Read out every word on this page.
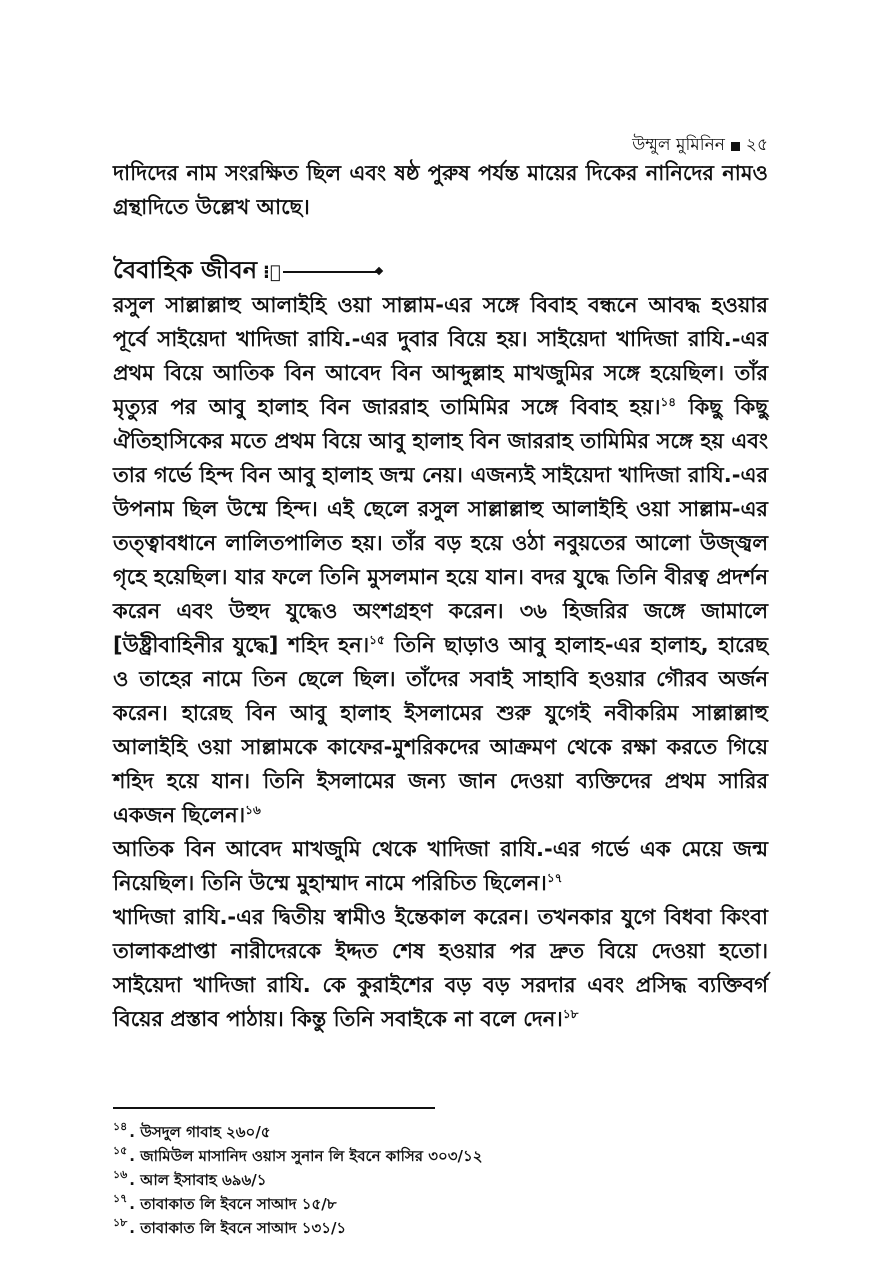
উম্মুল মুমিনিন ২৫

দাদিদের নাম সংরক্ষিত ছিল এবং ষষ্ঠ পুরুষ পর্যন্ত মায়ের দিকের নানিদের নামও গ্রন্থাদিতে উল্লেখ আছে।

বৈবাহিক জীবন ⁝ঃ

রসুল সাল্লাল্লাহু আলাইহি ওয়া সাল্লাম-এর সঙ্গে বিবাহ বন্ধনে আবদ্ধ হওয়ার পূর্বে সাইয়েদা খাদিজা রাযি.-এর দুবার বিয়ে হয়। সাইয়েদা খাদিজা রাযি.-এর প্রথম বিয়ে আতিক বিন আবেদ বিন আব্দুল্লাহ মাখজুমির সঙ্গে হয়েছিল। তাঁর মৃত্যুর পর আবু হালাহ বিন জাররাহ তামিমির সঙ্গে বিবাহ হয়।$^{১৪}$ কিছু কিছু ঐতিহাসিকের মতে প্রথম বিয়ে আবু হালাহ বিন জাররাহ তামিমির সঙ্গে হয় এবং তার গর্ভে হিন্দ বিন আবু হালাহ জন্ম নেয়। এজন্যই সাইয়েদা খাদিজা রাযি.-এর উপনাম ছিল উম্মে হিন্দ। এই ছেলে রসুল সাল্লাল্লাহু আলাইহি ওয়া সাল্লাম-এর তত্ত্বাবধানে লালিতপালিত হয়। তাঁর বড় হয়ে ওঠা নবুয়তের আলো উজ্জ্বল গৃহে হয়েছিল। যার ফলে তিনি মুসলমান হয়ে যান। বদর যুদ্ধে তিনি বীরত্ব প্রদর্শন করেন এবং উহুদ যুদ্ধেও অংশগ্রহণ করেন। ৩৬ হিজরির জঙ্গে জামালে [উষ্ট্রীবাহিনীর যুদ্ধে] শহিদ হন।$^{১৫}$ তিনি ছাড়াও আবু হালাহ-এর হালাহ, হারেছ ও তাহের নামে তিন ছেলে ছিল। তাঁদের সবাই সাহাবি হওয়ার গৌরব অর্জন করেন। হারেছ বিন আবু হালাহ ইসলামের শুরু যুগেই নবীকরিম সাল্লাল্লাহু আলাইহি ওয়া সাল্লামকে কাফের-মুশরিকদের আক্রমণ থেকে রক্ষা করতে গিয়ে শহিদ হয়ে যান। তিনি ইসলামের জন্য জান দেওয়া ব্যক্তিদের প্রথম সারির একজন ছিলেন।$^{১৬}$

আতিক বিন আবেদ মাখজুমি থেকে খাদিজা রাযি.-এর গর্ভে এক মেয়ে জন্ম নিয়েছিল। তিনি উম্মে মুহাম্মাদ নামে পরিচিত ছিলেন।$^{১৭}$

খাদিজা রাযি.-এর দ্বিতীয় স্বামীও ইন্তেকাল করেন। তখনকার যুগে বিধবা কিংবা তালাকপ্রাপ্তা নারীদেরকে ইদ্দত শেষ হওয়ার পর দ্রুত বিয়ে দেওয়া হতো। সাইয়েদা খাদিজা রাযি. কে কুরাইশের বড় বড় সরদার এবং প্রসিদ্ধ ব্যক্তিবর্গ বিয়ের প্রস্তাব পাঠায়। কিন্তু তিনি সবাইকে না বলে দেন।$^{১৮}$

১৪ . উসদুল গাবাহ ২৬০/৫
১৫ . জামিউল মাসানিদ ওয়াস সুনান লি ইবনে কাসির ৩০৩/১২
১৬ . আল ইসাবাহ ৬৯৬/১
১৭ . তাবাকাত লি ইবনে সাআদ ১৫/৮
১৮ . তাবাকাত লি ইবনে সাআদ ১৩১/১
